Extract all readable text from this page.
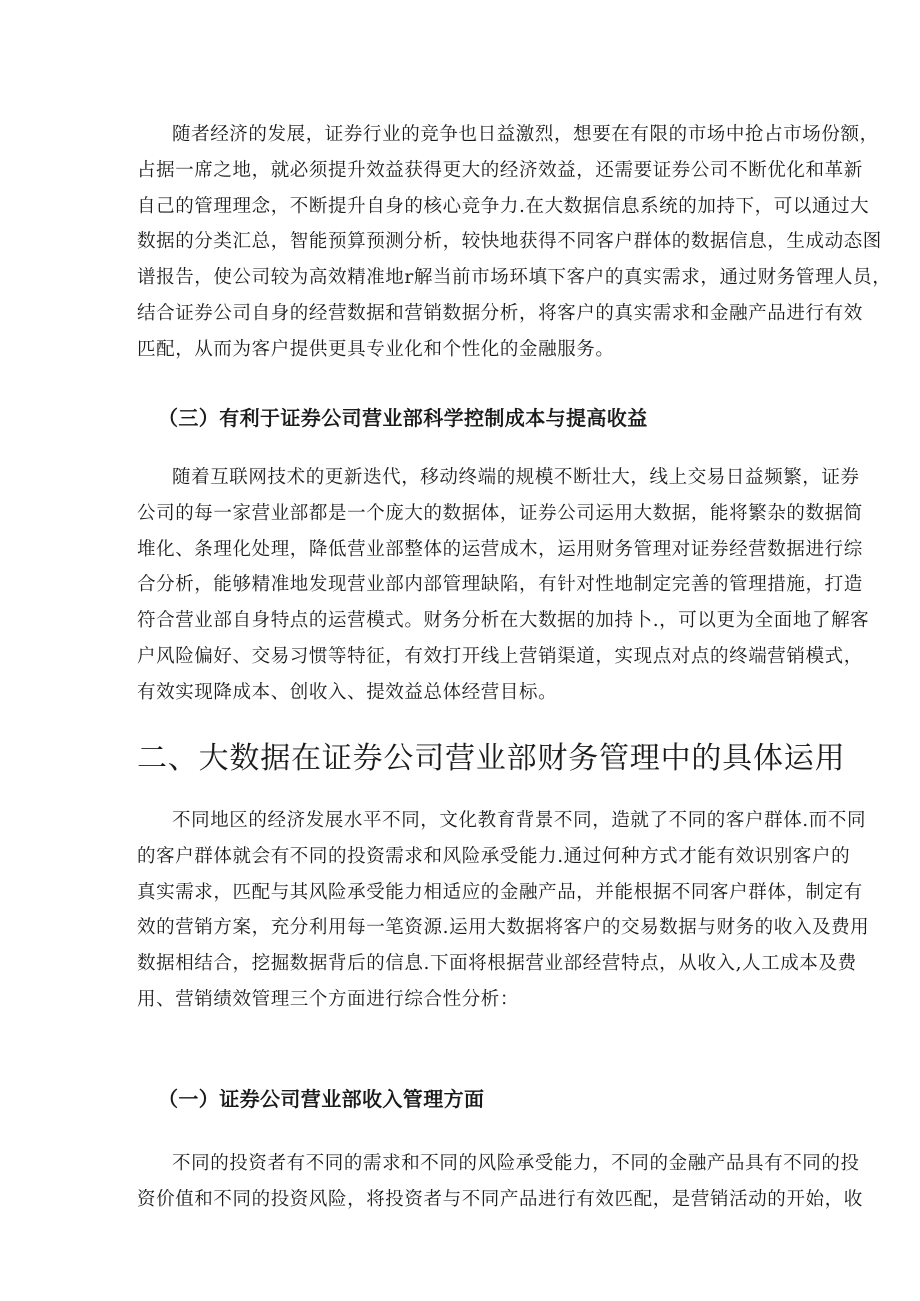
随者经济的发展，证券行业的竞争也日益激烈，想要在有限的市场中抢占市场份额，
占据一席之地，就必须提升效益获得更大的经济效益，还需要证券公司不断优化和革新
自己的管理理念，不断提升自身的核心竞争力.在大数据信息系统的加持下，可以通过大
数据的分类汇总，智能预算预测分析，较快地获得不同客户群体的数据信息，生成动态图
谱报告，使公司较为高效精准地r解当前市场环填下客户的真实需求，通过财务管理人员，
结合证券公司自身的经营数据和营销数据分析，将客户的真实需求和金融产品进行有效
匹配，从而为客户提供更具专业化和个性化的金融服务。
（三）有利于证券公司营业部科学控制成本与提高收益
随着互联网技术的更新迭代，移动终端的规模不断壮大，线上交易日益频繁，证券
公司的每一家营业部都是一个庞大的数据体，证券公司运用大数据，能将繁杂的数据简
堆化、条理化处理，降低营业部整体的运营成木，运用财务管理对证券经营数据进行综
合分析，能够精准地发现营业部内部管理缺陷，有针对性地制定完善的管理措施，打造
符合营业部自身特点的运营模式。财务分析在大数据的加持卜.，可以更为全面地了解客
户风险偏好、交易习惯等特征，有效打开线上营销渠道，实现点对点的终端营销模式，
有效实现降成本、创收入、提效益总体经营目标。
二、大数据在证券公司营业部财务管理中的具体运用
不同地区的经济发展水平不同，文化教育背景不同，造就了不同的客户群体.而不同
的客户群体就会有不同的投资需求和风险承受能力.通过何种方式才能有效识别客户的
真实需求，匹配与其风险承受能力相适应的金融产品，并能根据不同客户群体，制定有
效的营销方案，充分利用每一笔资源.运用大数据将客户的交易数据与财务的收入及费用
数据相结合，挖掘数据背后的信息.下面将根据营业部经营特点，从收入,人工成本及费
用、营销绩效管理三个方面进行综合性分析：
（一）证券公司营业部收入管理方面
不同的投资者有不同的需求和不同的风险承受能力，不同的金融产品具有不同的投
资价值和不同的投资风险，将投资者与不同产品进行有效匹配，是营销活动的开始，收
